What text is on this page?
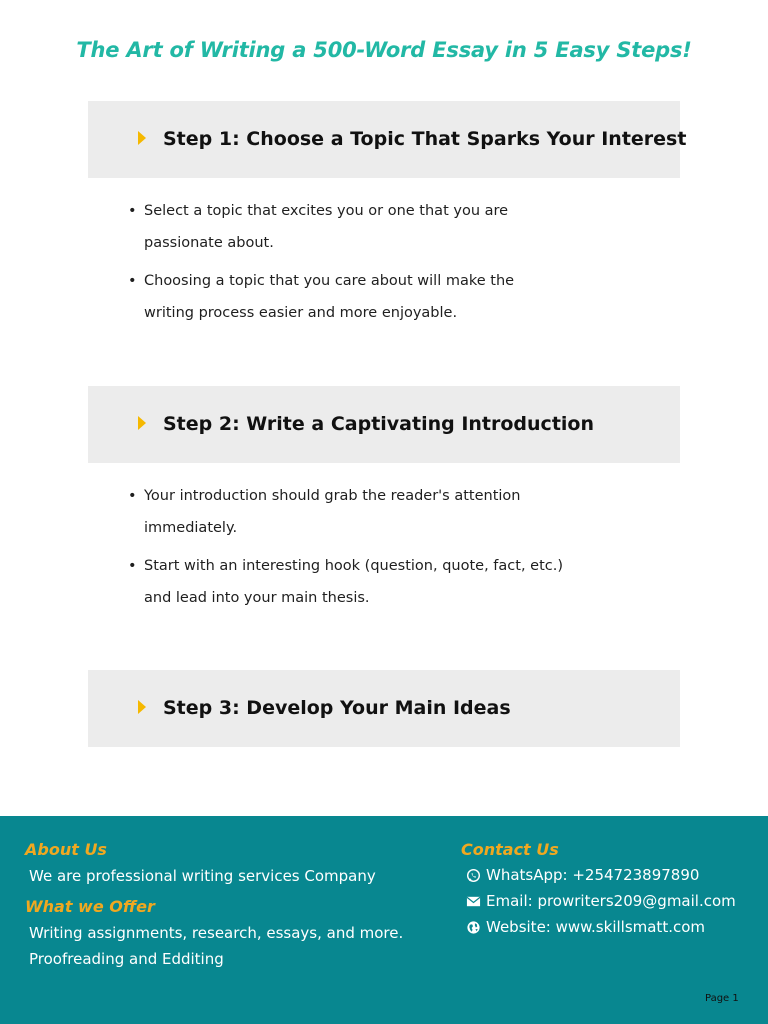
The Art of Writing a 500-Word Essay in 5 Easy Steps!
Step 1: Choose a Topic That Sparks Your Interest
• Select a topic that excites you or one that you are
passionate about.
• Choosing a topic that you care about will make the
writing process easier and more enjoyable.
Step 2: Write a Captivating Introduction
• Your introduction should grab the reader's attention
immediately.
• Start with an interesting hook (question, quote, fact, etc.)
and lead into your main thesis.
Step 3: Develop Your Main Ideas
About Us
We are professional writing services Company
What we Offer
Writing assignments, research, essays, and more.
Proofreading and Edditing
Contact Us
WhatsApp: +254723897890
Email: prowriters209@gmail.com
Website: www.skillsmatt.com
Page 1
